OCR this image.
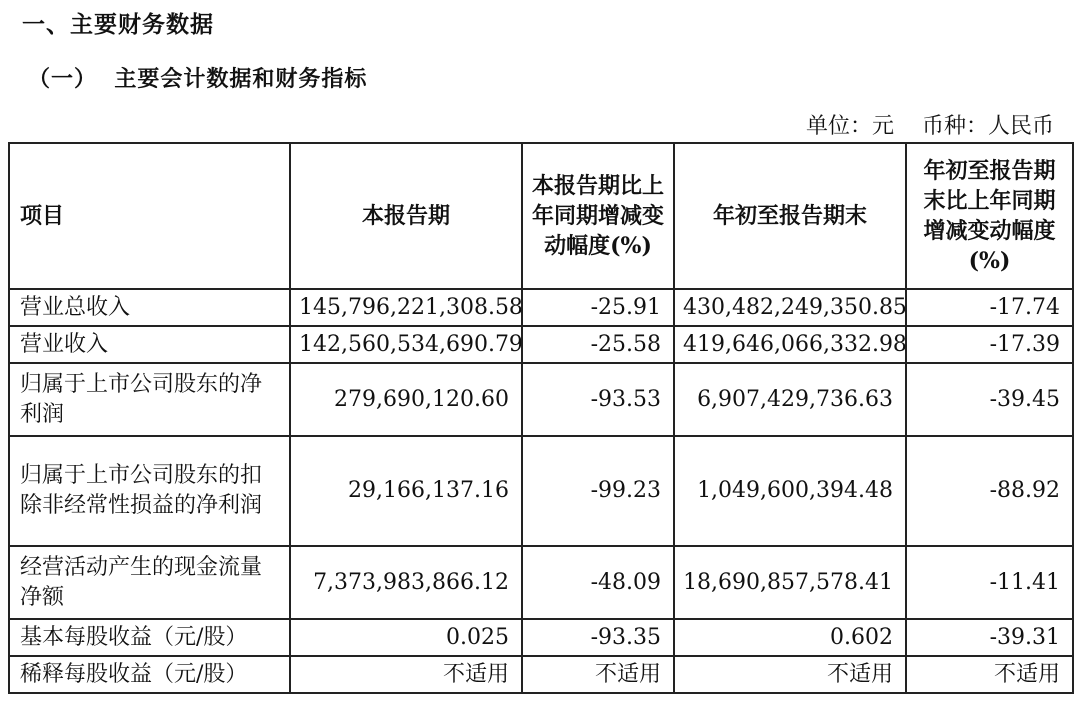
一、主要财务数据
（一）  主要会计数据和财务指标
单位：元    币种：人民币
项目	本报告期	本报告期比上年同期增减变动幅度(%)	年初至报告期末	年初至报告期末比上年同期增减变动幅度(%)
营业总收入	145,796,221,308.58	-25.91	430,482,249,350.85	-17.74
营业收入	142,560,534,690.79	-25.58	419,646,066,332.98	-17.39
归属于上市公司股东的净利润	279,690,120.60	-93.53	6,907,429,736.63	-39.45
归属于上市公司股东的扣除非经常性损益的净利润	29,166,137.16	-99.23	1,049,600,394.48	-88.92
经营活动产生的现金流量净额	7,373,983,866.12	-48.09	18,690,857,578.41	-11.41
基本每股收益（元/股）	0.025	-93.35	0.602	-39.31
稀释每股收益（元/股）	不适用	不适用	不适用	不适用
